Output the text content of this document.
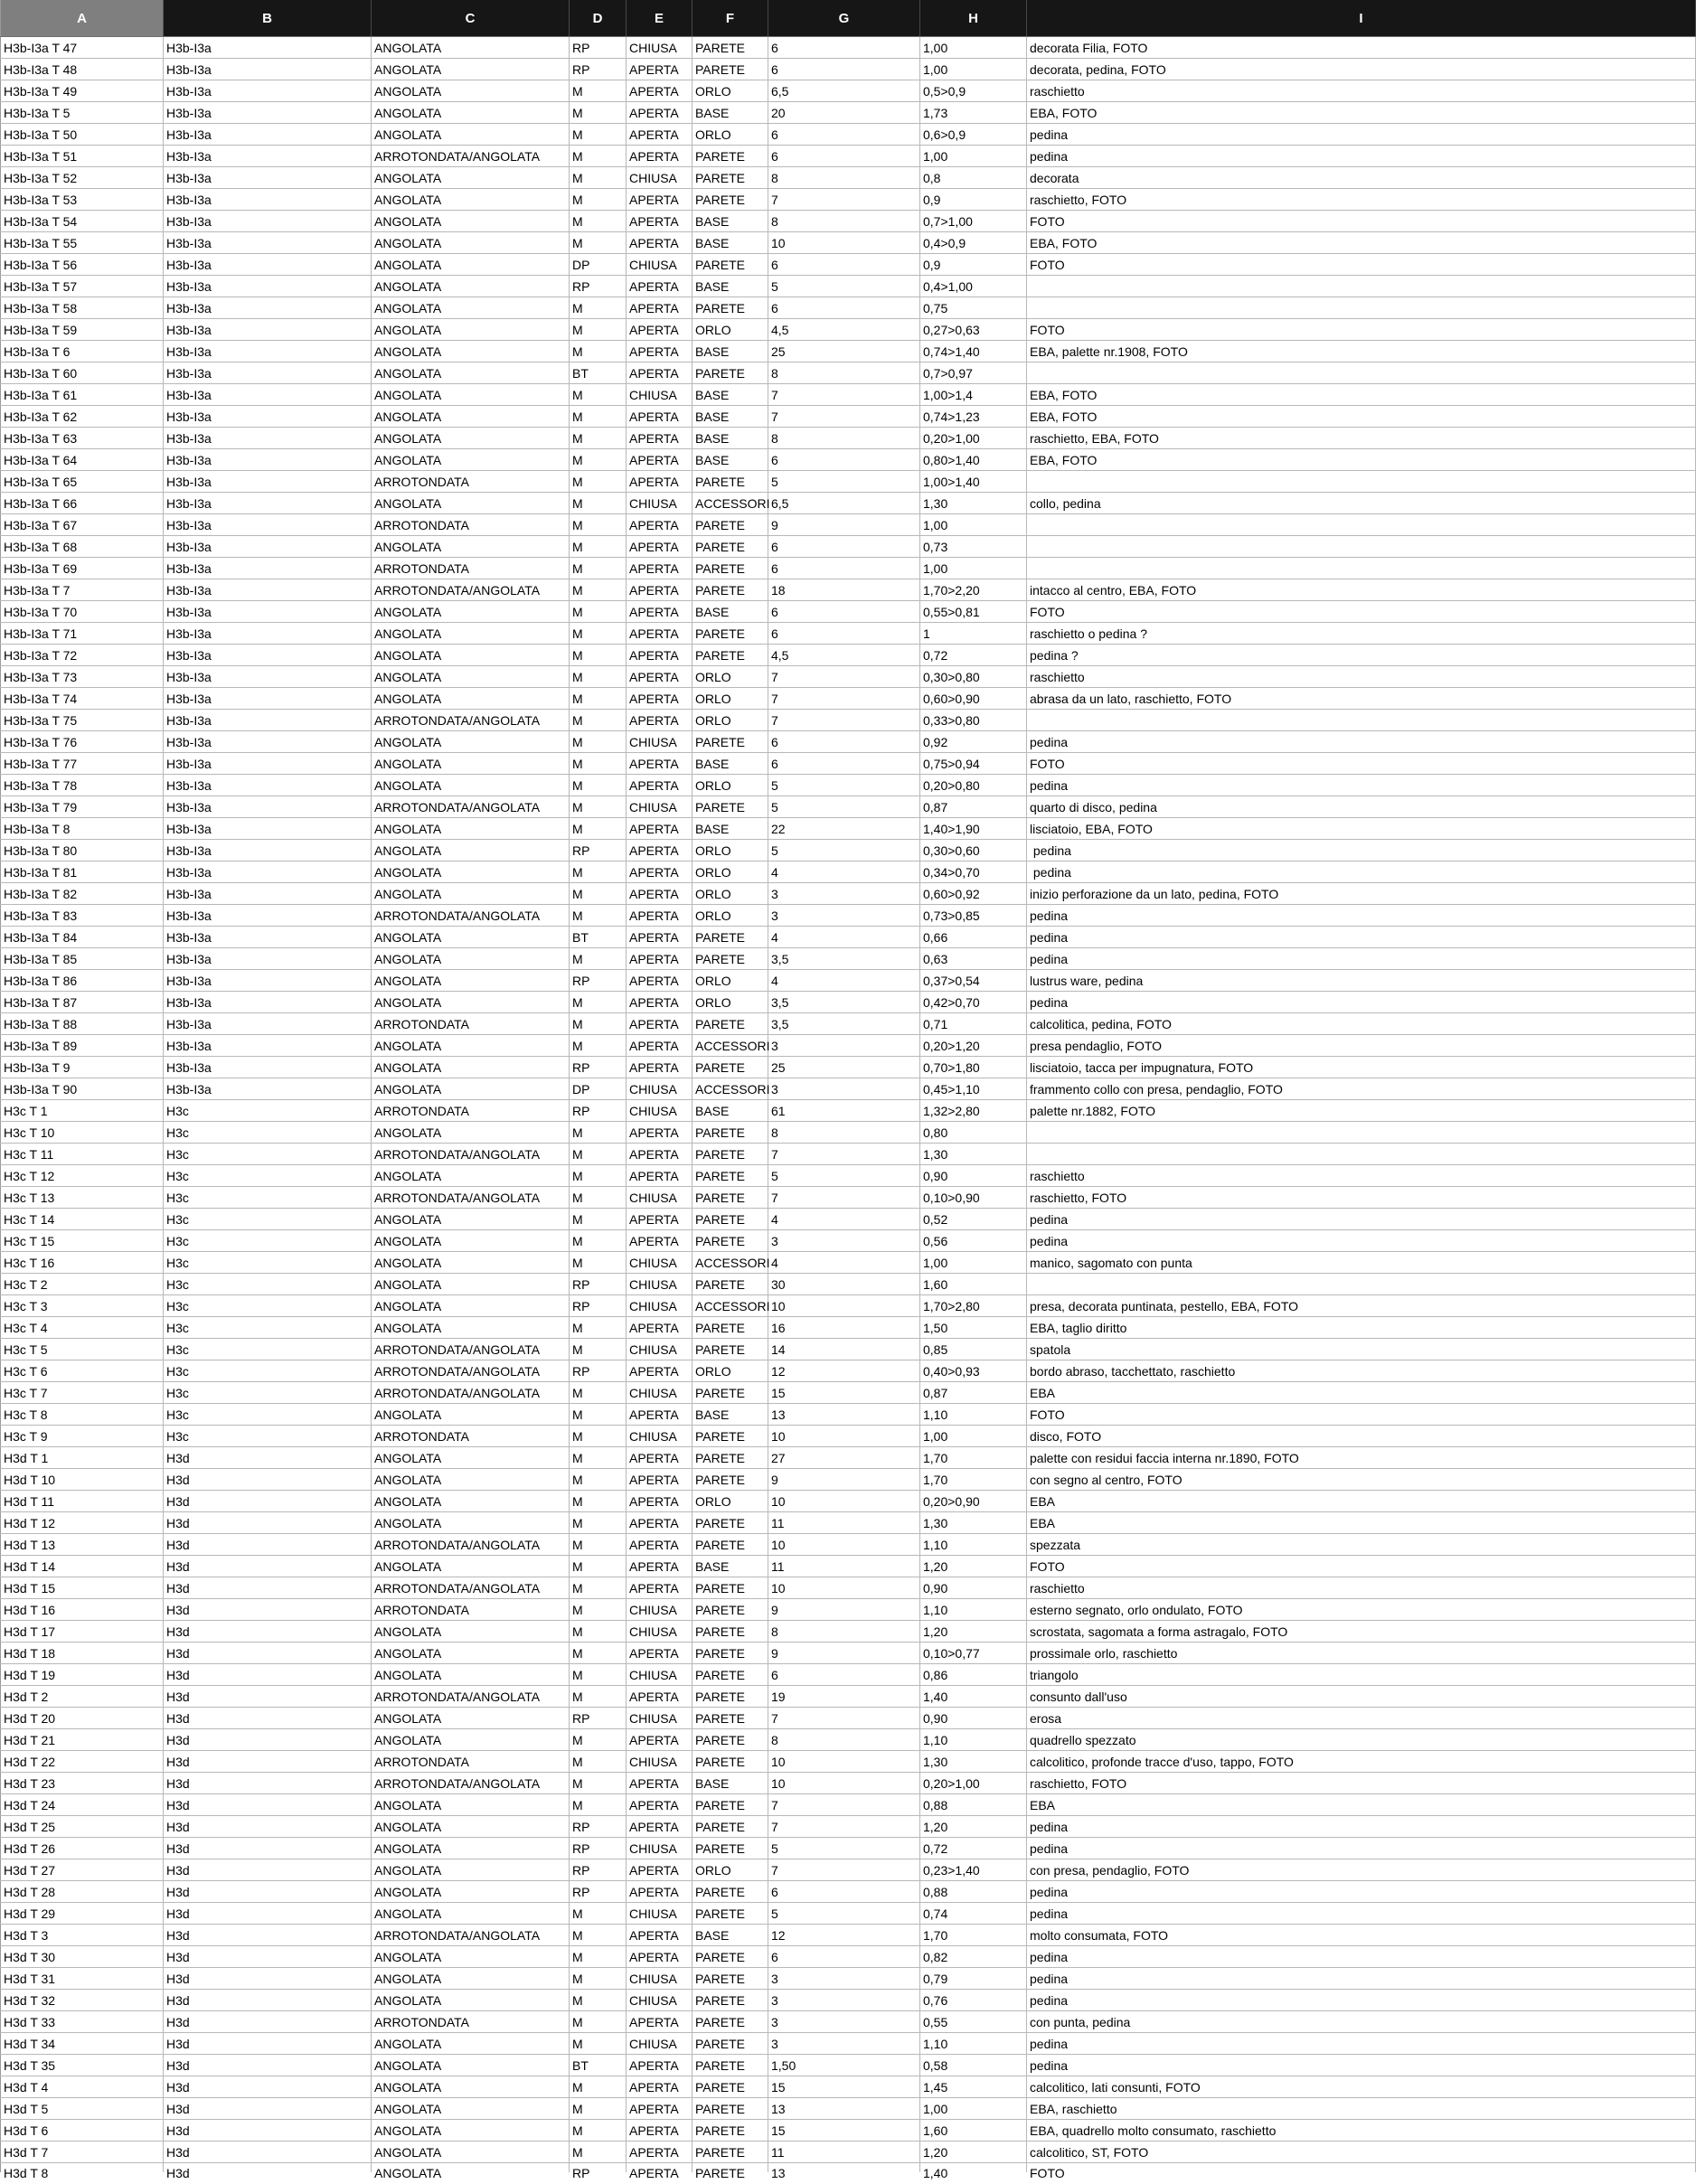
A	B	C	D	E	F	G	H	I
H3b-I3a T 47	H3b-I3a	ANGOLATA	RP	CHIUSA	PARETE	6	1,00	decorata Filia, FOTO
H3b-I3a T 48	H3b-I3a	ANGOLATA	RP	APERTA	PARETE	6	1,00	decorata, pedina, FOTO
H3b-I3a T 49	H3b-I3a	ANGOLATA	M	APERTA	ORLO	6,5	0,5>0,9	raschietto
H3b-I3a T 5	H3b-I3a	ANGOLATA	M	APERTA	BASE	20	1,73	EBA, FOTO
H3b-I3a T 50	H3b-I3a	ANGOLATA	M	APERTA	ORLO	6	0,6>0,9	pedina
H3b-I3a T 51	H3b-I3a	ARROTONDATA/ANGOLATA	M	APERTA	PARETE	6	1,00	pedina
H3b-I3a T 52	H3b-I3a	ANGOLATA	M	CHIUSA	PARETE	8	0,8	decorata
H3b-I3a T 53	H3b-I3a	ANGOLATA	M	APERTA	PARETE	7	0,9	raschietto, FOTO
H3b-I3a T 54	H3b-I3a	ANGOLATA	M	APERTA	BASE	8	0,7>1,00	FOTO
H3b-I3a T 55	H3b-I3a	ANGOLATA	M	APERTA	BASE	10	0,4>0,9	EBA, FOTO
H3b-I3a T 56	H3b-I3a	ANGOLATA	DP	CHIUSA	PARETE	6	0,9	FOTO
H3b-I3a T 57	H3b-I3a	ANGOLATA	RP	APERTA	BASE	5	0,4>1,00	
H3b-I3a T 58	H3b-I3a	ANGOLATA	M	APERTA	PARETE	6	0,75	
H3b-I3a T 59	H3b-I3a	ANGOLATA	M	APERTA	ORLO	4,5	0,27>0,63	FOTO
H3b-I3a T 6	H3b-I3a	ANGOLATA	M	APERTA	BASE	25	0,74>1,40	EBA, palette nr.1908, FOTO
H3b-I3a T 60	H3b-I3a	ANGOLATA	BT	APERTA	PARETE	8	0,7>0,97	
H3b-I3a T 61	H3b-I3a	ANGOLATA	M	CHIUSA	BASE	7	1,00>1,4	EBA, FOTO
H3b-I3a T 62	H3b-I3a	ANGOLATA	M	APERTA	BASE	7	0,74>1,23	EBA, FOTO
H3b-I3a T 63	H3b-I3a	ANGOLATA	M	APERTA	BASE	8	0,20>1,00	raschietto, EBA, FOTO
H3b-I3a T 64	H3b-I3a	ANGOLATA	M	APERTA	BASE	6	0,80>1,40	EBA, FOTO
H3b-I3a T 65	H3b-I3a	ARROTONDATA	M	APERTA	PARETE	5	1,00>1,40	
H3b-I3a T 66	H3b-I3a	ANGOLATA	M	CHIUSA	ACCESSORI	6,5	1,30	collo, pedina
H3b-I3a T 67	H3b-I3a	ARROTONDATA	M	APERTA	PARETE	9	1,00	
H3b-I3a T 68	H3b-I3a	ANGOLATA	M	APERTA	PARETE	6	0,73	
H3b-I3a T 69	H3b-I3a	ARROTONDATA	M	APERTA	PARETE	6	1,00	
H3b-I3a T 7	H3b-I3a	ARROTONDATA/ANGOLATA	M	APERTA	PARETE	18	1,70>2,20	intacco al centro, EBA, FOTO
H3b-I3a T 70	H3b-I3a	ANGOLATA	M	APERTA	BASE	6	0,55>0,81	FOTO
H3b-I3a T 71	H3b-I3a	ANGOLATA	M	APERTA	PARETE	6	1	raschietto o pedina ?
H3b-I3a T 72	H3b-I3a	ANGOLATA	M	APERTA	PARETE	4,5	0,72	pedina ?
H3b-I3a T 73	H3b-I3a	ANGOLATA	M	APERTA	ORLO	7	0,30>0,80	raschietto
H3b-I3a T 74	H3b-I3a	ANGOLATA	M	APERTA	ORLO	7	0,60>0,90	abrasa da un lato, raschietto, FOTO
H3b-I3a T 75	H3b-I3a	ARROTONDATA/ANGOLATA	M	APERTA	ORLO	7	0,33>0,80	
H3b-I3a T 76	H3b-I3a	ANGOLATA	M	CHIUSA	PARETE	6	0,92	pedina
H3b-I3a T 77	H3b-I3a	ANGOLATA	M	APERTA	BASE	6	0,75>0,94	FOTO
H3b-I3a T 78	H3b-I3a	ANGOLATA	M	APERTA	ORLO	5	0,20>0,80	pedina
H3b-I3a T 79	H3b-I3a	ARROTONDATA/ANGOLATA	M	CHIUSA	PARETE	5	0,87	quarto di disco, pedina
H3b-I3a T 8	H3b-I3a	ANGOLATA	M	APERTA	BASE	22	1,40>1,90	lisciatoio, EBA, FOTO
H3b-I3a T 80	H3b-I3a	ANGOLATA	RP	APERTA	ORLO	5	0,30>0,60	pedina
H3b-I3a T 81	H3b-I3a	ANGOLATA	M	APERTA	ORLO	4	0,34>0,70	pedina
H3b-I3a T 82	H3b-I3a	ANGOLATA	M	APERTA	ORLO	3	0,60>0,92	inizio perforazione da un lato, pedina, FOTO
H3b-I3a T 83	H3b-I3a	ARROTONDATA/ANGOLATA	M	APERTA	ORLO	3	0,73>0,85	pedina
H3b-I3a T 84	H3b-I3a	ANGOLATA	BT	APERTA	PARETE	4	0,66	pedina
H3b-I3a T 85	H3b-I3a	ANGOLATA	M	APERTA	PARETE	3,5	0,63	pedina
H3b-I3a T 86	H3b-I3a	ANGOLATA	RP	APERTA	ORLO	4	0,37>0,54	lustrus ware, pedina
H3b-I3a T 87	H3b-I3a	ANGOLATA	M	APERTA	ORLO	3,5	0,42>0,70	pedina
H3b-I3a T 88	H3b-I3a	ARROTONDATA	M	APERTA	PARETE	3,5	0,71	calcolitica, pedina, FOTO
H3b-I3a T 89	H3b-I3a	ANGOLATA	M	APERTA	ACCESSORI	3	0,20>1,20	presa pendaglio, FOTO
H3b-I3a T 9	H3b-I3a	ANGOLATA	RP	APERTA	PARETE	25	0,70>1,80	lisciatoio, tacca per impugnatura, FOTO
H3b-I3a T 90	H3b-I3a	ANGOLATA	DP	CHIUSA	ACCESSORI	3	0,45>1,10	frammento collo con presa, pendaglio, FOTO
H3c T 1	H3c	ARROTONDATA	RP	CHIUSA	BASE	61	1,32>2,80	palette nr.1882, FOTO
H3c T 10	H3c	ANGOLATA	M	APERTA	PARETE	8	0,80	
H3c T 11	H3c	ARROTONDATA/ANGOLATA	M	APERTA	PARETE	7	1,30	
H3c T 12	H3c	ANGOLATA	M	APERTA	PARETE	5	0,90	raschietto
H3c T 13	H3c	ARROTONDATA/ANGOLATA	M	CHIUSA	PARETE	7	0,10>0,90	raschietto, FOTO
H3c T 14	H3c	ANGOLATA	M	APERTA	PARETE	4	0,52	pedina
H3c T 15	H3c	ANGOLATA	M	APERTA	PARETE	3	0,56	pedina
H3c T 16	H3c	ANGOLATA	M	CHIUSA	ACCESSORI	4	1,00	manico, sagomato con punta
H3c T 2	H3c	ANGOLATA	RP	CHIUSA	PARETE	30	1,60	
H3c T 3	H3c	ANGOLATA	RP	CHIUSA	ACCESSORI	10	1,70>2,80	presa, decorata puntinata, pestello, EBA, FOTO
H3c T 4	H3c	ANGOLATA	M	APERTA	PARETE	16	1,50	EBA, taglio diritto
H3c T 5	H3c	ARROTONDATA/ANGOLATA	M	CHIUSA	PARETE	14	0,85	spatola
H3c T 6	H3c	ARROTONDATA/ANGOLATA	RP	APERTA	ORLO	12	0,40>0,93	bordo abraso, tacchettato, raschietto
H3c T 7	H3c	ARROTONDATA/ANGOLATA	M	CHIUSA	PARETE	15	0,87	EBA
H3c T 8	H3c	ANGOLATA	M	APERTA	BASE	13	1,10	FOTO
H3c T 9	H3c	ARROTONDATA	M	CHIUSA	PARETE	10	1,00	disco, FOTO
H3d T 1	H3d	ANGOLATA	M	APERTA	PARETE	27	1,70	palette con residui faccia interna nr.1890, FOTO
H3d T 10	H3d	ANGOLATA	M	APERTA	PARETE	9	1,70	con segno al centro, FOTO
H3d T 11	H3d	ANGOLATA	M	APERTA	ORLO	10	0,20>0,90	EBA
H3d T 12	H3d	ANGOLATA	M	APERTA	PARETE	11	1,30	EBA
H3d T 13	H3d	ARROTONDATA/ANGOLATA	M	APERTA	PARETE	10	1,10	spezzata
H3d T 14	H3d	ANGOLATA	M	APERTA	BASE	11	1,20	FOTO
H3d T 15	H3d	ARROTONDATA/ANGOLATA	M	APERTA	PARETE	10	0,90	raschietto
H3d T 16	H3d	ARROTONDATA	M	CHIUSA	PARETE	9	1,10	esterno segnato, orlo ondulato, FOTO
H3d T 17	H3d	ANGOLATA	M	CHIUSA	PARETE	8	1,20	scrostata, sagomata a forma astragalo, FOTO
H3d T 18	H3d	ANGOLATA	M	APERTA	PARETE	9	0,10>0,77	prossimale orlo, raschietto
H3d T 19	H3d	ANGOLATA	M	CHIUSA	PARETE	6	0,86	triangolo
H3d T 2	H3d	ARROTONDATA/ANGOLATA	M	APERTA	PARETE	19	1,40	consunto dall'uso
H3d T 20	H3d	ANGOLATA	RP	CHIUSA	PARETE	7	0,90	erosa
H3d T 21	H3d	ANGOLATA	M	APERTA	PARETE	8	1,10	quadrello spezzato
H3d T 22	H3d	ARROTONDATA	M	CHIUSA	PARETE	10	1,30	calcolitico, profonde tracce d'uso, tappo, FOTO
H3d T 23	H3d	ARROTONDATA/ANGOLATA	M	APERTA	BASE	10	0,20>1,00	raschietto, FOTO
H3d T 24	H3d	ANGOLATA	M	APERTA	PARETE	7	0,88	EBA
H3d T 25	H3d	ANGOLATA	RP	APERTA	PARETE	7	1,20	pedina
H3d T 26	H3d	ANGOLATA	RP	CHIUSA	PARETE	5	0,72	pedina
H3d T 27	H3d	ANGOLATA	RP	APERTA	ORLO	7	0,23>1,40	con presa, pendaglio, FOTO
H3d T 28	H3d	ANGOLATA	RP	APERTA	PARETE	6	0,88	pedina
H3d T 29	H3d	ANGOLATA	M	CHIUSA	PARETE	5	0,74	pedina
H3d T 3	H3d	ARROTONDATA/ANGOLATA	M	APERTA	BASE	12	1,70	molto consumata, FOTO
H3d T 30	H3d	ANGOLATA	M	APERTA	PARETE	6	0,82	pedina
H3d T 31	H3d	ANGOLATA	M	CHIUSA	PARETE	3	0,79	pedina
H3d T 32	H3d	ANGOLATA	M	CHIUSA	PARETE	3	0,76	pedina
H3d T 33	H3d	ARROTONDATA	M	APERTA	PARETE	3	0,55	con punta, pedina
H3d T 34	H3d	ANGOLATA	M	CHIUSA	PARETE	3	1,10	pedina
H3d T 35	H3d	ANGOLATA	BT	APERTA	PARETE	1,50	0,58	pedina
H3d T 4	H3d	ANGOLATA	M	APERTA	PARETE	15	1,45	calcolitico, lati consunti, FOTO
H3d T 5	H3d	ANGOLATA	M	APERTA	PARETE	13	1,00	EBA, raschietto
H3d T 6	H3d	ANGOLATA	M	APERTA	PARETE	15	1,60	EBA, quadrello molto consumato, raschietto
H3d T 7	H3d	ANGOLATA	M	APERTA	PARETE	11	1,20	calcolitico, ST, FOTO

H3d T 8	H3d	ANGOLATA	RP	APERTA	PARETE	13	1,40	FOTO
